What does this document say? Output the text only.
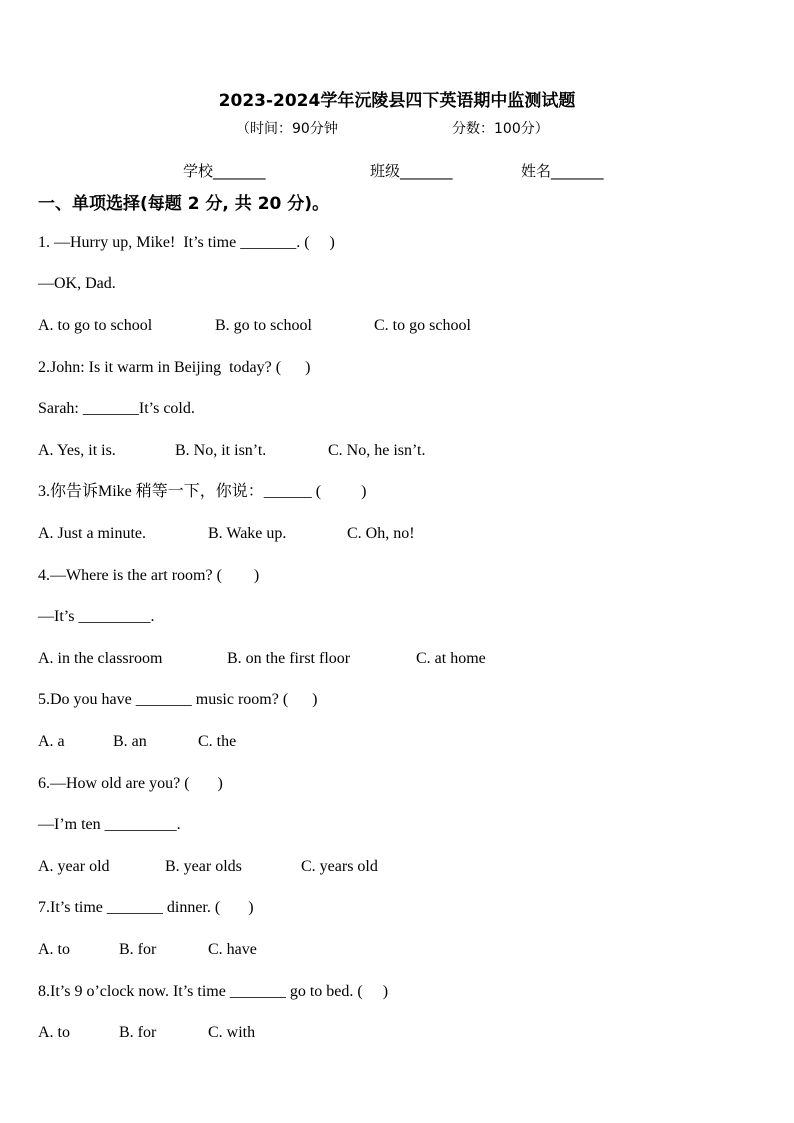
2023-2024学年沅陵县四下英语期中监测试题
（时间：90分钟	分数：100分）
学校_______	班级_______	姓名_______
一、单项选择(每题 2 分, 共 20 分)。
1. —Hurry up, Mike!  It’s time _______. (     )
—OK, Dad.
A. to go to school	B. go to school	C. to go school
2.John: Is it warm in Beijing  today? (      )
Sarah: _______It’s cold.
A. Yes, it is.	B. No, it isn’t.	C. No, he isn’t.
3.你告诉Mike 稍等一下，你说：______ (          )
A. Just a minute.	B. Wake up.	C. Oh, no!
4.—Where is the art room? (        )
—It’s _________.
A. in the classroom	B. on the first floor	C. at home
5.Do you have _______ music room? (      )
A. a	B. an	C. the
6.—How old are you? (       )
—I’m ten _________.
A. year old	B. year olds	C. years old
7.It’s time _______ dinner. (       )
A. to	B. for	C. have
8.It’s 9 o’clock now. It’s time _______ go to bed. (     )
A. to	B. for	C. with
